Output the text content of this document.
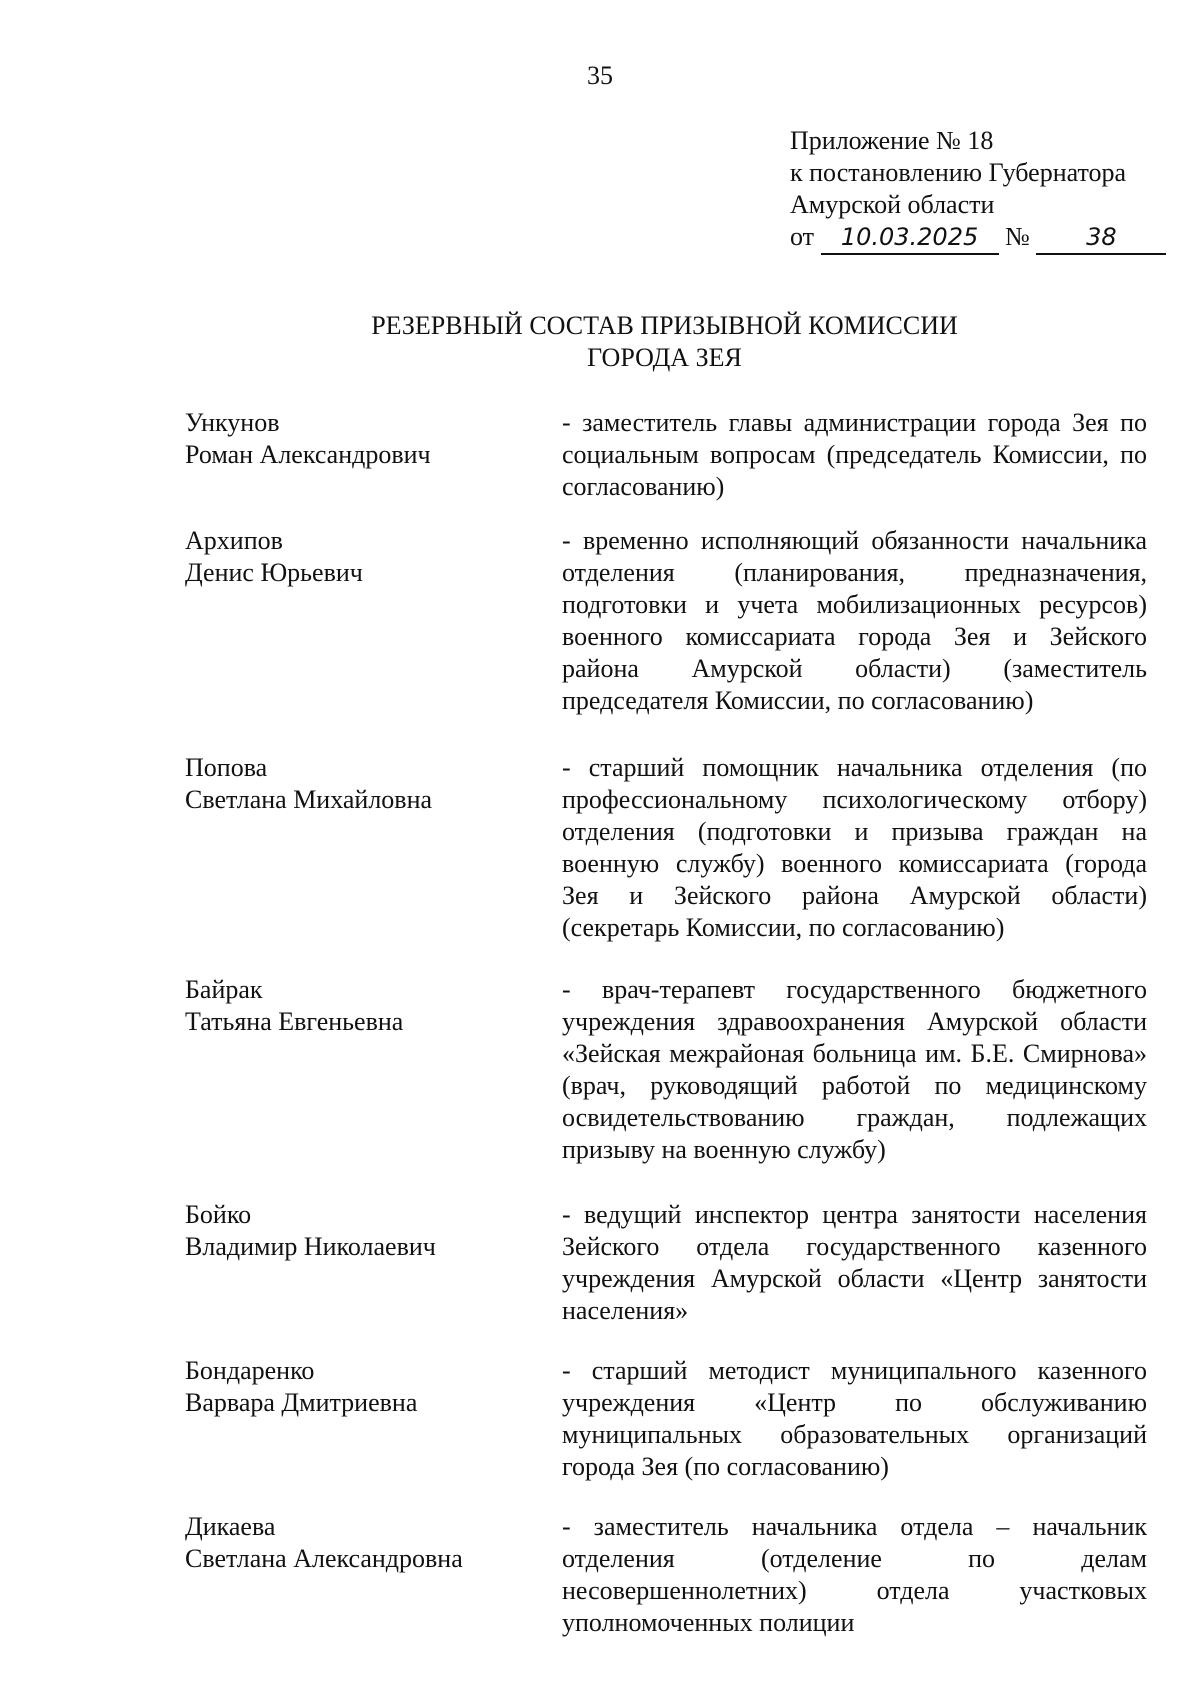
35
Приложение № 18
к постановлению Губернатора
Амурской области
от 10.03.2025 № 38
РЕЗЕРВНЫЙ СОСТАВ ПРИЗЫВНОЙ КОМИССИИ
ГОРОДА ЗЕЯ
Ункунов
Роман Александрович
- заместитель главы администрации города Зея по социальным вопросам (председатель Комиссии, по согласованию)
Архипов
Денис Юрьевич
- временно исполняющий обязанности начальника отделения (планирования, предназначения, подготовки и учета мобилизационных ресурсов) военного комиссариата города Зея и Зейского района Амурской области) (заместитель председателя Комиссии, по согласованию)
Попова
Светлана Михайловна
- старший помощник начальника отделения (по профессиональному психологическому отбору) отделения (подготовки и призыва граждан на военную службу) военного комиссариата (города Зея и Зейского района Амурской области) (секретарь Комиссии, по согласованию)
Байрак
Татьяна Евгеньевна
- врач-терапевт государственного бюджетного учреждения здравоохранения Амурской области «Зейская межрайоная больница им. Б.Е. Смирнова» (врач, руководящий работой по медицинскому освидетельствованию граждан, подлежащих призыву на военную службу)
Бойко
Владимир Николаевич
- ведущий инспектор центра занятости населения Зейского отдела государственного казенного учреждения Амурской области «Центр занятости населения»
Бондаренко
Варвара Дмитриевна
- старший методист муниципального казенного учреждения «Центр по обслуживанию муниципальных образовательных организаций города Зея (по согласованию)
Дикаева
Светлана Александровна
- заместитель начальника отдела – начальник отделения (отделение по делам несовершеннолетних) отдела участковых уполномоченных полиции
